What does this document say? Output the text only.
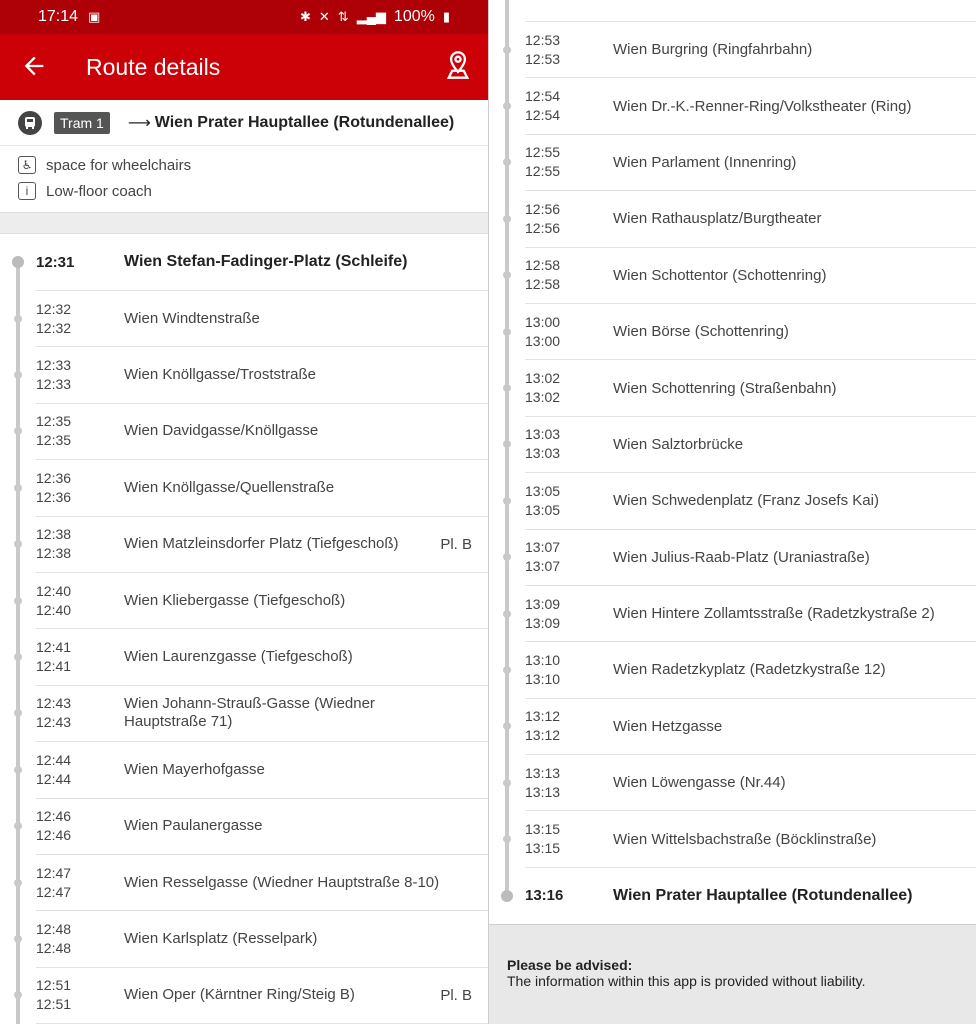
17:14 ▣	✱ ✕ ⇅ ▂▄▆ 100% ▮
Route details
Tram 1	⟶ Wien Prater Hauptallee (Rotundenallee)
♿ space for wheelchairs
i	Low-floor coach
12:31	Wien Stefan-Fadinger-Platz (Schleife)
12:32
12:32
Wien Windtenstraße
12:33
12:33
Wien Knöllgasse/Troststraße
12:35
12:35
Wien Davidgasse/Knöllgasse
12:36
12:36
Wien Knöllgasse/Quellenstraße
12:38
12:38
Wien Matzleinsdorfer Platz (Tiefgeschoß)	Pl. B
12:40
12:40
Wien Kliebergasse (Tiefgeschoß)
12:41
12:41
Wien Laurenzgasse (Tiefgeschoß)
12:43
12:43
Wien Johann-Strauß-Gasse (Wiedner Hauptstraße 71)
12:44
12:44
Wien Mayerhofgasse
12:46
12:46
Wien Paulanergasse
12:47
12:47
Wien Resselgasse (Wiedner Hauptstraße 8-10)
12:48
12:48
Wien Karlsplatz (Resselpark)
12:51
12:51
Wien Oper (Kärntner Ring/Steig B)	Pl. B
12:53
12:53
Wien Burgring (Ringfahrbahn)
12:54
12:54
Wien Dr.-K.-Renner-Ring/Volkstheater (Ring)
12:55
12:55
Wien Parlament (Innenring)
12:56
12:56
Wien Rathausplatz/Burgtheater
12:58
12:58
Wien Schottentor (Schottenring)
13:00
13:00
Wien Börse (Schottenring)
13:02
13:02
Wien Schottenring (Straßenbahn)
13:03
13:03
Wien Salztorbrücke
13:05
13:05
Wien Schwedenplatz (Franz Josefs Kai)
13:07
13:07
Wien Julius-Raab-Platz (Uraniastraße)
13:09
13:09
Wien Hintere Zollamtsstraße (Radetzkystraße 2)
13:10
13:10
Wien Radetzkyplatz (Radetzkystraße 12)
13:12
13:12
Wien Hetzgasse
13:13
13:13
Wien Löwengasse (Nr.44)
13:15
13:15
Wien Wittelsbachstraße (Böcklinstraße)
13:16	Wien Prater Hauptallee (Rotundenallee)
Please be advised:
The information within this app is provided without liability.
